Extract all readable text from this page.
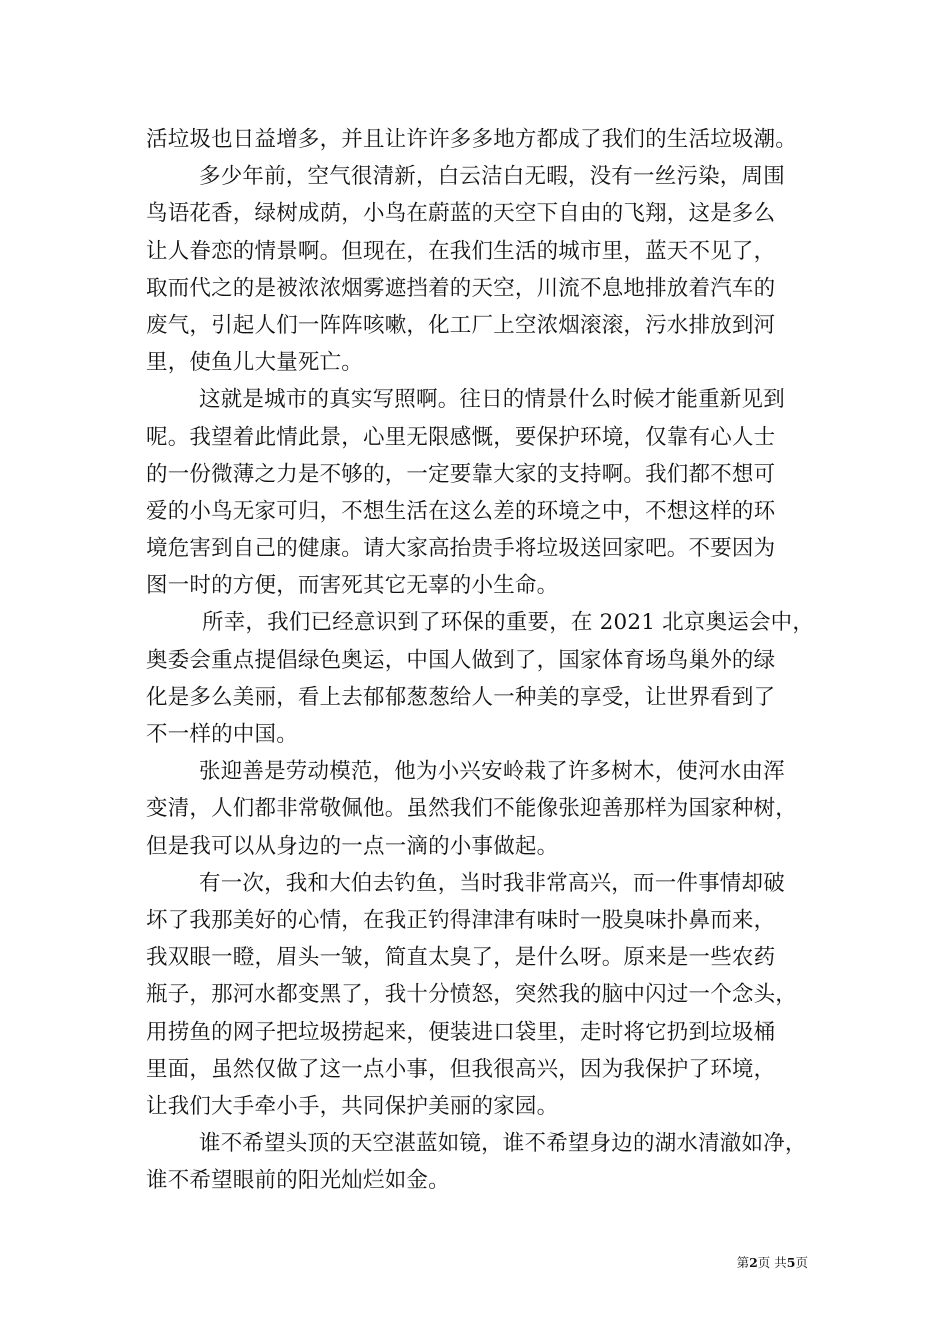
活垃圾也日益增多，并且让许许多多地方都成了我们的生活垃圾潮。
多少年前，空气很清新，白云洁白无暇，没有一丝污染，周围
鸟语花香，绿树成荫，小鸟在蔚蓝的天空下自由的飞翔，这是多么
让人眷恋的情景啊。但现在，在我们生活的城市里，蓝天不见了，
取而代之的是被浓浓烟雾遮挡着的天空，川流不息地排放着汽车的
废气，引起人们一阵阵咳嗽，化工厂上空浓烟滚滚，污水排放到河
里，使鱼儿大量死亡。
这就是城市的真实写照啊。往日的情景什么时候才能重新见到
呢。我望着此情此景，心里无限感慨，要保护环境，仅靠有心人士
的一份微薄之力是不够的，一定要靠大家的支持啊。我们都不想可
爱的小鸟无家可归，不想生活在这么差的环境之中，不想这样的环
境危害到自己的健康。请大家高抬贵手将垃圾送回家吧。不要因为
图一时的方便，而害死其它无辜的小生命。
所幸，我们已经意识到了环保的重要，在 2021 北京奥运会中，
奥委会重点提倡绿色奥运，中国人做到了，国家体育场鸟巢外的绿
化是多么美丽，看上去郁郁葱葱给人一种美的享受，让世界看到了
不一样的中国。
张迎善是劳动模范，他为小兴安岭栽了许多树木，使河水由浑
变清，人们都非常敬佩他。虽然我们不能像张迎善那样为国家种树，
但是我可以从身边的一点一滴的小事做起。
有一次，我和大伯去钓鱼，当时我非常高兴，而一件事情却破
坏了我那美好的心情，在我正钓得津津有味时一股臭味扑鼻而来，
我双眼一瞪，眉头一皱，简直太臭了，是什么呀。原来是一些农药
瓶子，那河水都变黑了，我十分愤怒，突然我的脑中闪过一个念头，
用捞鱼的网子把垃圾捞起来，便装进口袋里，走时将它扔到垃圾桶
里面，虽然仅做了这一点小事，但我很高兴，因为我保护了环境，
让我们大手牵小手，共同保护美丽的家园。
谁不希望头顶的天空湛蓝如镜，谁不希望身边的湖水清澈如净，
谁不希望眼前的阳光灿烂如金。
第2页 共5页
